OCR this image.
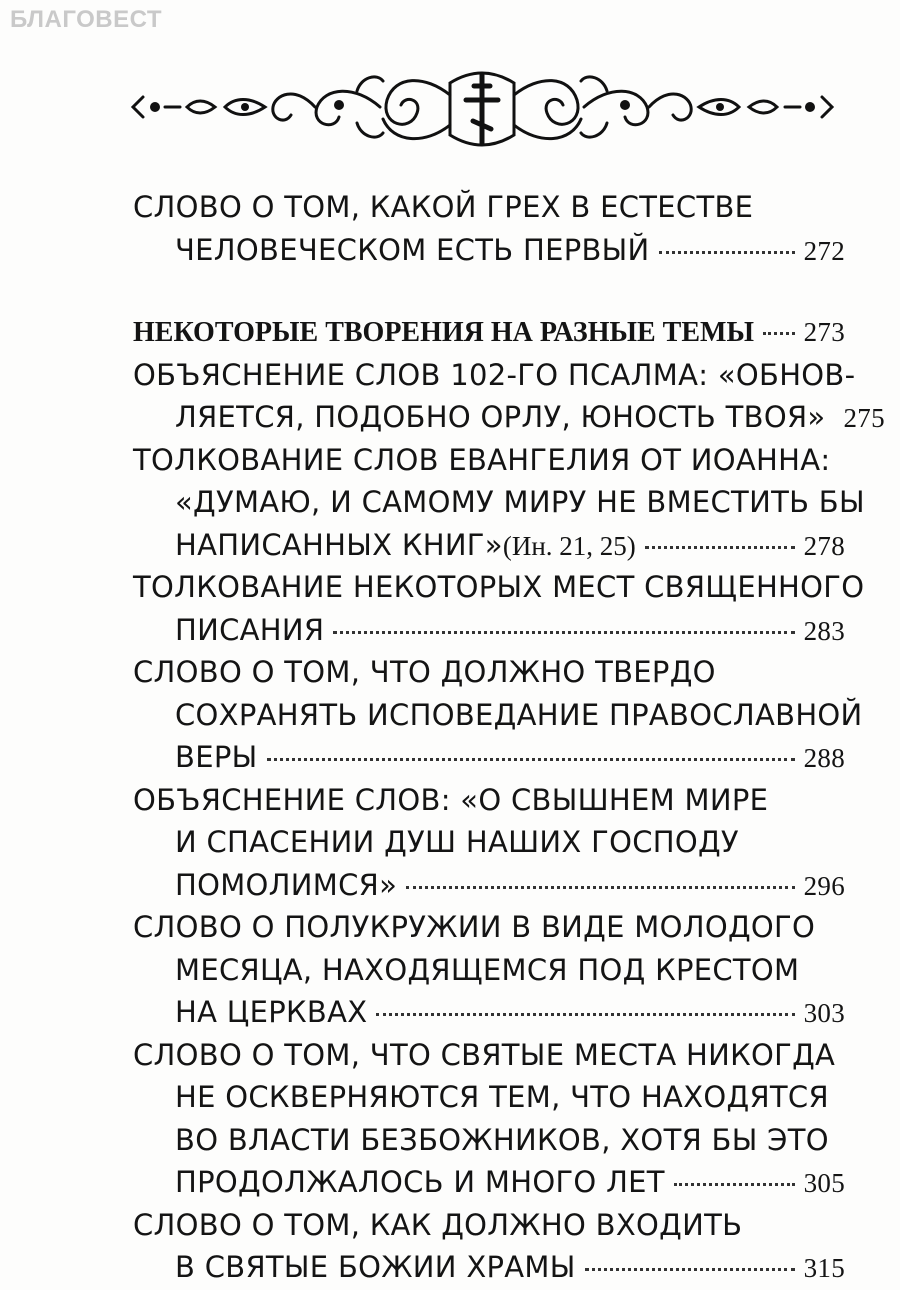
БЛАГОВЕСТ
СЛОВО О ТОМ, КАКОЙ ГРЕХ В ЕСТЕСТВЕ
ЧЕЛОВЕЧЕСКОМ ЕСТЬ ПЕРВЫЙ	272
НЕКОТОРЫЕ ТВОРЕНИЯ НА РАЗНЫЕ ТЕМЫ 273
ОБЪЯСНЕНИЕ СЛОВ 102-ГО ПСАЛМА: «ОБНОВ-
ЛЯЕТСЯ, ПОДОБНО ОРЛУ, ЮНОСТЬ ТВОЯ» 275
ТОЛКОВАНИЕ СЛОВ ЕВАНГЕЛИЯ ОТ ИОАННА:
«ДУМАЮ, И САМОМУ МИРУ НЕ ВМЕСТИТЬ БЫ
НАПИСАННЫХ КНИГ» (Ин. 21, 25)	278
ТОЛКОВАНИЕ НЕКОТОРЫХ МЕСТ СВЯЩЕННОГО
ПИСАНИЯ	283
СЛОВО О ТОМ, ЧТО ДОЛЖНО ТВЕРДО
СОХРАНЯТЬ ИСПОВЕДАНИЕ ПРАВОСЛАВНОЙ
ВЕРЫ	288
ОБЪЯСНЕНИЕ СЛОВ: «О СВЫШНЕМ МИРЕ
И СПАСЕНИИ ДУШ НАШИХ ГОСПОДУ
ПОМОЛИМСЯ»	296
СЛОВО О ПОЛУКРУЖИИ В ВИДЕ МОЛОДОГО
МЕСЯЦА, НАХОДЯЩЕМСЯ ПОД КРЕСТОМ
НА ЦЕРКВАХ	303
СЛОВО О ТОМ, ЧТО СВЯТЫЕ МЕСТА НИКОГДА
НЕ ОСКВЕРНЯЮТСЯ ТЕМ, ЧТО НАХОДЯТСЯ
ВО ВЛАСТИ БЕЗБОЖНИКОВ, ХОТЯ БЫ ЭТО
ПРОДОЛЖАЛОСЬ И МНОГО ЛЕТ	305
СЛОВО О ТОМ, КАК ДОЛЖНО ВХОДИТЬ
В СВЯТЫЕ БОЖИИ ХРАМЫ	315
